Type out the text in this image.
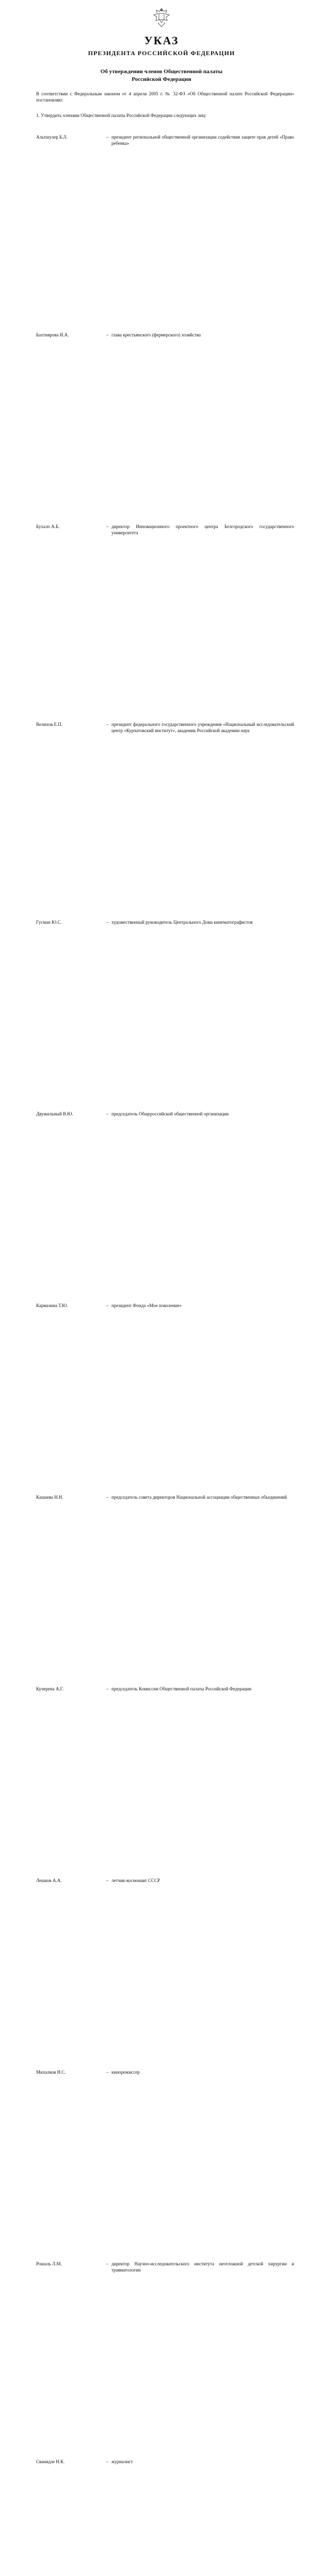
УКАЗ
ПРЕЗИДЕНТА РОССИЙСКОЙ ФЕДЕРАЦИИ
Об утверждении членов Общественной палаты
Российской Федерации
В соответствии с Федеральным законом от 4 апреля 2005 г. № 32-ФЗ «Об Общественной палате Российской Федерации» постановляю:
1. Утвердить членами Общественной палаты Российской Федерации следующих лиц:
Альтшулер Б.Л.	– президент региональной общественной организации содействия защите прав детей «Право ребенка»
Бахтиярова И.А.	– глава крестьянского (фермерского) хозяйства
Бухало А.Б.	– директор Инновационного проектного центра Белгородского государственного университета
Велихов Е.П.	– президент федерального государственного учреждения «Национальный исследовательский центр «Курчатовский институт», академик Российской академии наук
Гусман Ю.С.	– художественный руководитель Центрального Дома кинематографистов
Двужильный В.Ю.	– председатель Общероссийской общественной организации
Кармазина Т.Ю.	– президент Фонда «Мое поколение»
Кашаева Н.Н.	– председатель совета директоров Национальной ассоциации общественных объединений
Кучерена А.Г.	– председатель Комиссии Общественной палаты Российской Федерации
Лешков А.А.	– летчик-космонавт СССР
Михалков Н.С.	– кинорежиссер
Рошаль Л.М.	– директор Научно-исследовательского института неотложной детской хирургии и травматологии
Сванидзе Н.К.	– журналист
